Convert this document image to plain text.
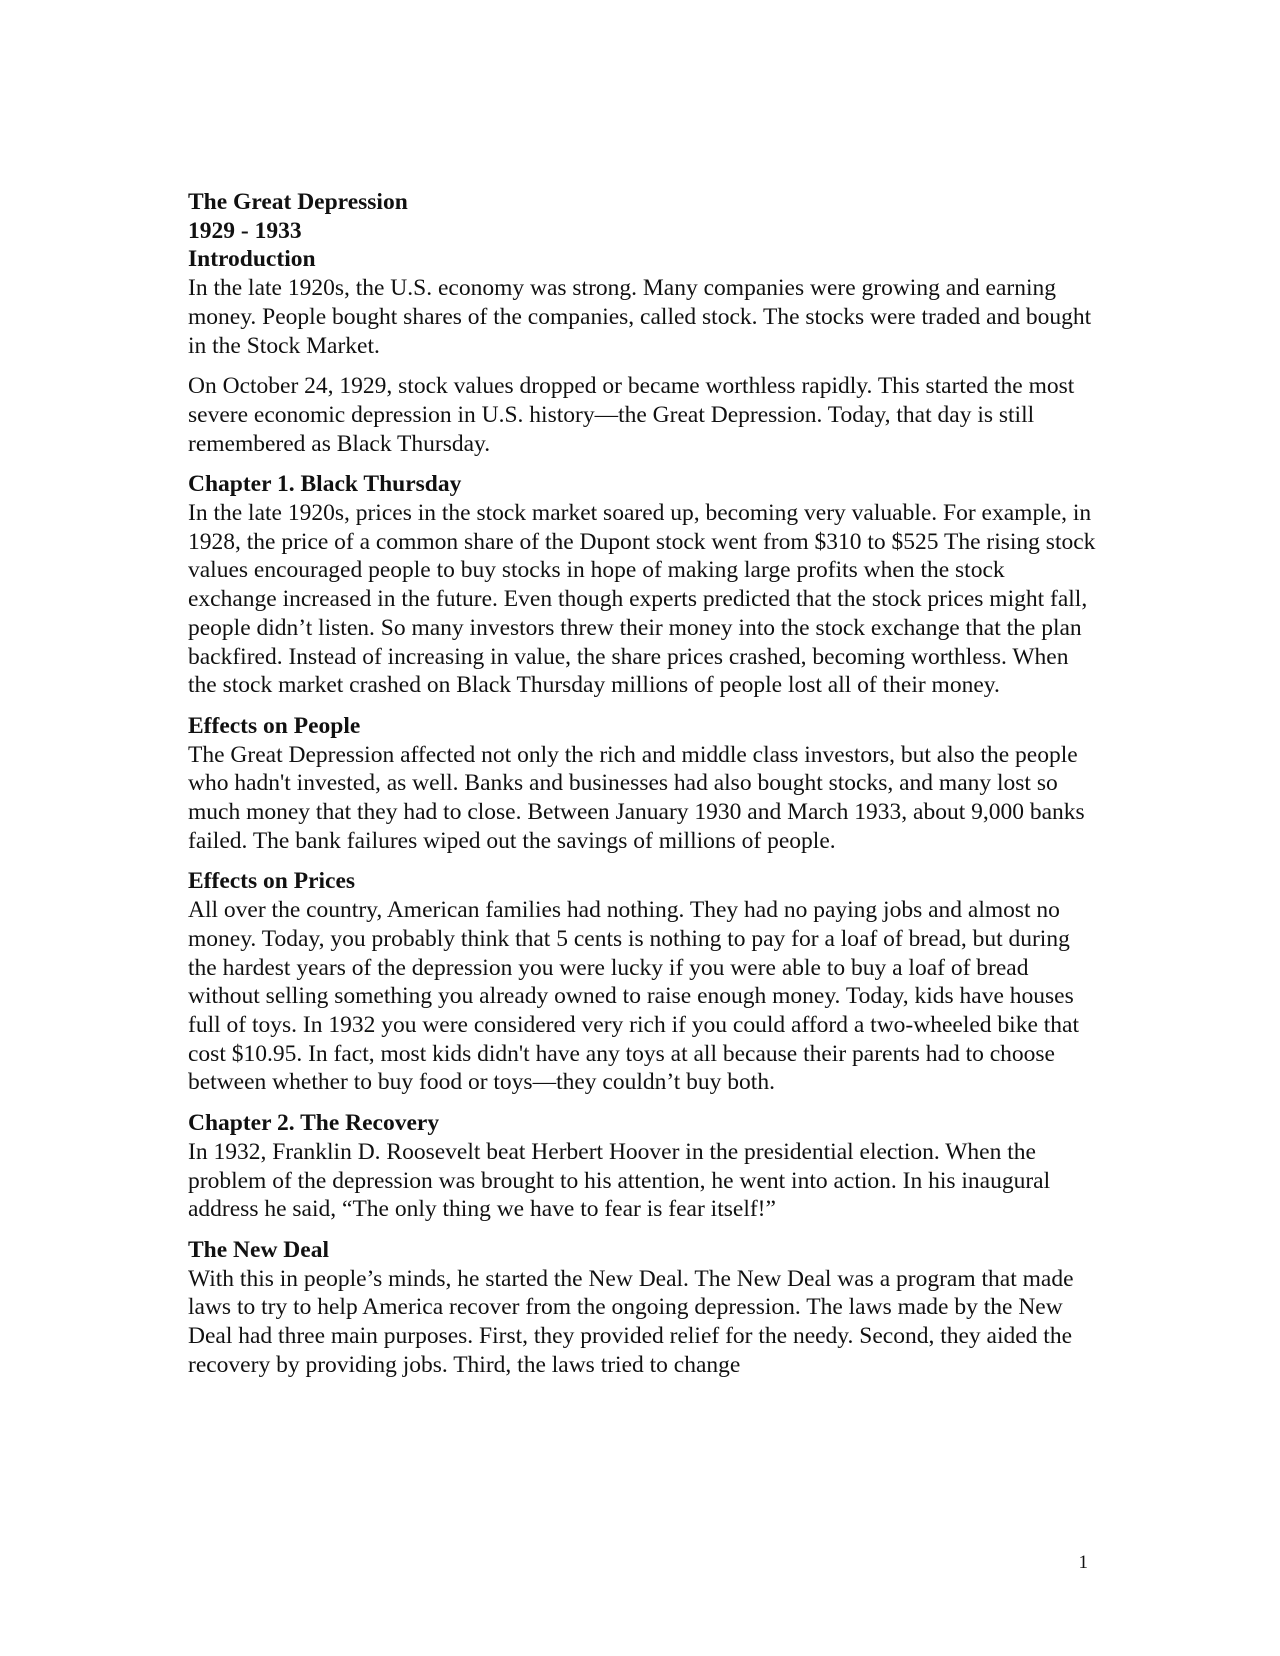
The Great Depression
1929 - 1933
Introduction

In the late 1920s, the U.S. economy was strong. Many companies were growing and earning money. People bought shares of the companies, called stock. The stocks were traded and bought in the Stock Market.

On October 24, 1929, stock values dropped or became worthless rapidly. This started the most severe economic depression in U.S. history—the Great Depression. Today, that day is still remembered as Black Thursday.

Chapter 1. Black Thursday

In the late 1920s, prices in the stock market soared up, becoming very valuable. For example, in 1928, the price of a common share of the Dupont stock went from $310 to $525 The rising stock values encouraged people to buy stocks in hope of making large profits when the stock exchange increased in the future. Even though experts predicted that the stock prices might fall, people didn’t listen. So many investors threw their money into the stock exchange that the plan backfired. Instead of increasing in value, the share prices crashed, becoming worthless. When the stock market crashed on Black Thursday millions of people lost all of their money.

Effects on People

The Great Depression affected not only the rich and middle class investors, but also the people who hadn't invested, as well. Banks and businesses had also bought stocks, and many lost so much money that they had to close. Between January 1930 and March 1933, about 9,000 banks failed. The bank failures wiped out the savings of millions of people.

Effects on Prices

All over the country, American families had nothing. They had no paying jobs and almost no money. Today, you probably think that 5 cents is nothing to pay for a loaf of bread, but during the hardest years of the depression you were lucky if you were able to buy a loaf of bread without selling something you already owned to raise enough money. Today, kids have houses full of toys. In 1932 you were considered very rich if you could afford a two-wheeled bike that cost $10.95. In fact, most kids didn't have any toys at all because their parents had to choose between whether to buy food or toys—they couldn’t buy both.

Chapter 2. The Recovery

In 1932, Franklin D. Roosevelt beat Herbert Hoover in the presidential election. When the problem of the depression was brought to his attention, he went into action. In his inaugural address he said, “The only thing we have to fear is fear itself!”

The New Deal

With this in people’s minds, he started the New Deal. The New Deal was a program that made laws to try to help America recover from the ongoing depression. The laws made by the New Deal had three main purposes. First, they provided relief for the needy. Second, they aided the recovery by providing jobs. Third, the laws tried to change

1
